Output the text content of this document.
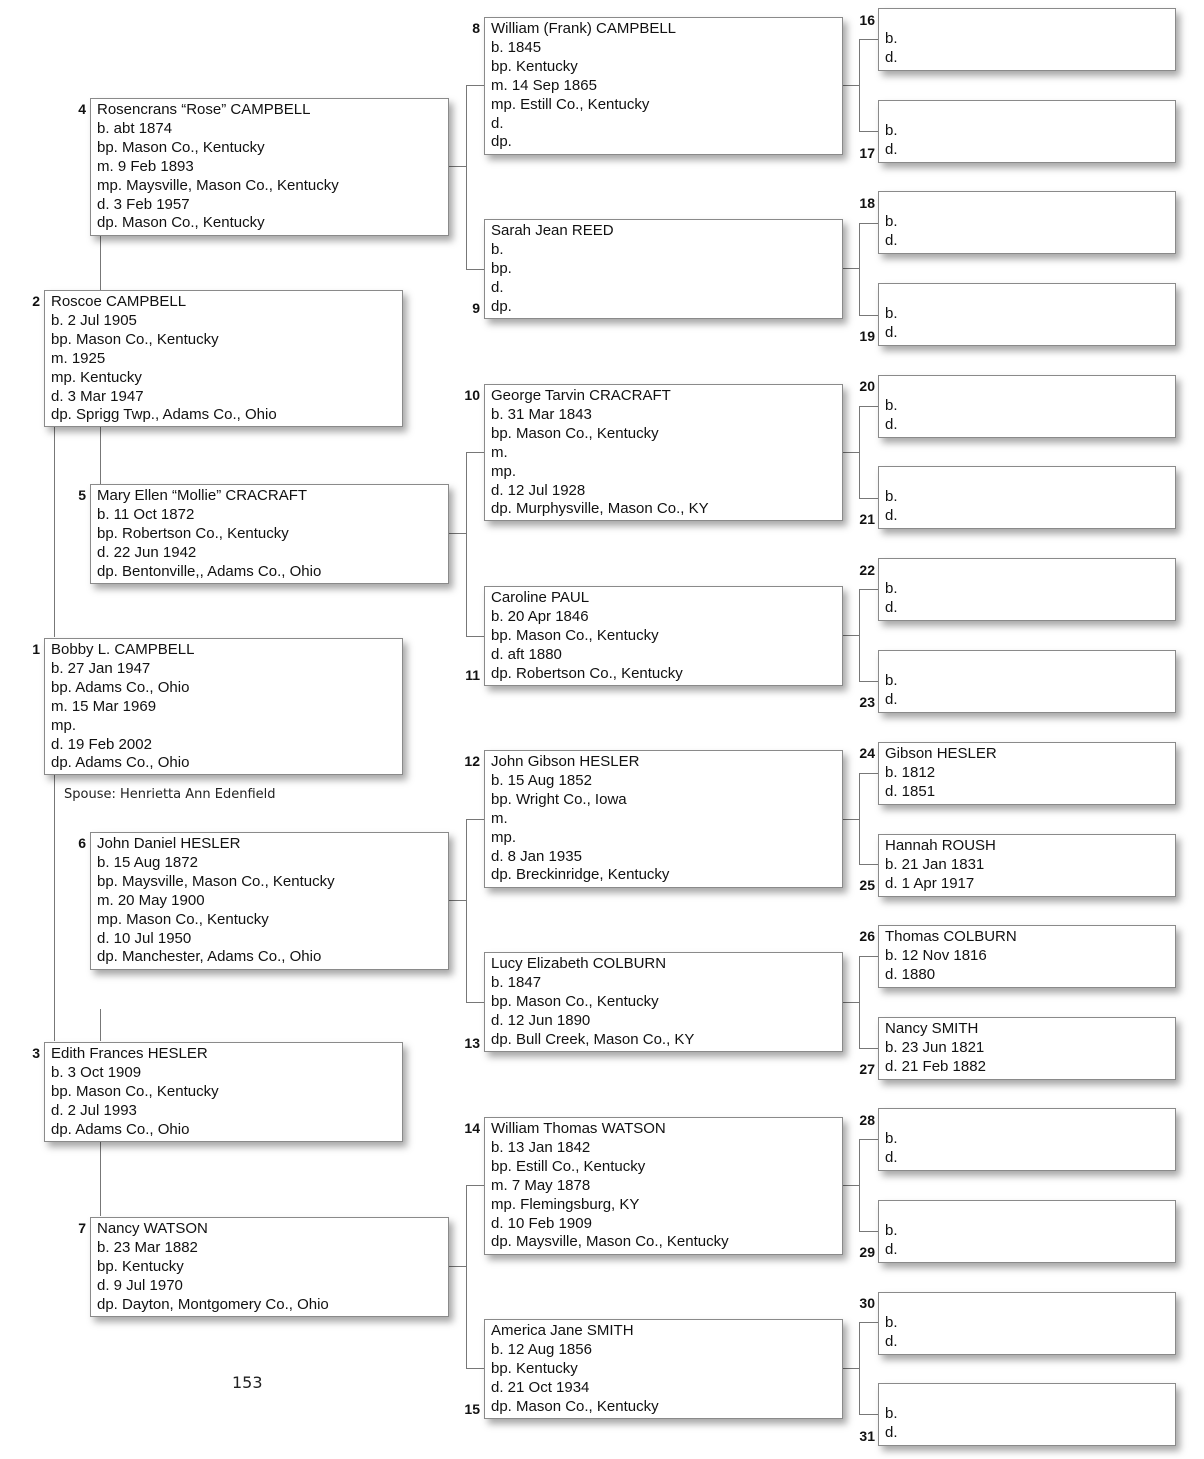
1 Bobby L. CAMPBELL
b. 27 Jan 1947
bp. Adams Co., Ohio
m. 15 Mar 1969
mp.
d. 19 Feb 2002
dp. Adams Co., Ohio
Spouse: Henrietta Ann Edenfield
2 Roscoe CAMPBELL
b. 2 Jul 1905
bp. Mason Co., Kentucky
m. 1925
mp. Kentucky
d. 3 Mar 1947
dp. Sprigg Twp., Adams Co., Ohio
3 Edith Frances HESLER
b. 3 Oct 1909
bp. Mason Co., Kentucky
d. 2 Jul 1993
dp. Adams Co., Ohio
4 Rosencrans “Rose” CAMPBELL
b. abt 1874
bp. Mason Co., Kentucky
m. 9 Feb 1893
mp. Maysville, Mason Co., Kentucky
d. 3 Feb 1957
dp. Mason Co., Kentucky
5 Mary Ellen “Mollie” CRACRAFT
b. 11 Oct 1872
bp. Robertson Co., Kentucky
d. 22 Jun 1942
dp. Bentonville,, Adams Co., Ohio
6 John Daniel HESLER
b. 15 Aug 1872
bp. Maysville, Mason Co., Kentucky
m. 20 May 1900
mp. Mason Co., Kentucky
d. 10 Jul 1950
dp. Manchester, Adams Co., Ohio
7 Nancy WATSON
b. 23 Mar 1882
bp. Kentucky
d. 9 Jul 1970
dp. Dayton, Montgomery Co., Ohio
8 William (Frank) CAMPBELL
b. 1845
bp. Kentucky
m. 14 Sep 1865
mp. Estill Co., Kentucky
d.
dp.
9
Sarah Jean REED
b.
bp.
d.
dp.
10 George Tarvin CRACRAFT
b. 31 Mar 1843
bp. Mason Co., Kentucky
m.
mp.
d. 12 Jul 1928
dp. Murphysville, Mason Co., KY
11
Caroline PAUL
b. 20 Apr 1846
bp. Mason Co., Kentucky
d. aft 1880
dp. Robertson Co., Kentucky
12 John Gibson HESLER
b. 15 Aug 1852
bp. Wright Co., Iowa
m.
mp.
d. 8 Jan 1935
dp. Breckinridge, Kentucky
13
Lucy Elizabeth COLBURN
b. 1847
bp. Mason Co., Kentucky
d. 12 Jun 1890
dp. Bull Creek, Mason Co., KY
14 William Thomas WATSON
b. 13 Jan 1842
bp. Estill Co., Kentucky
m. 7 May 1878
mp. Flemingsburg, KY
d. 10 Feb 1909
dp. Maysville, Mason Co., Kentucky
15
America Jane SMITH
b. 12 Aug 1856
bp. Kentucky
d. 21 Oct 1934
dp. Mason Co., Kentucky
16

b.
d.
17

b.
d.
18

b.
d.
19

b.
d.
20

b.
d.
21

b.
d.
22

b.
d.
23

b.
d.
24 Gibson HESLER
b. 1812
d. 1851
25
Hannah ROUSH
b. 21 Jan 1831
d. 1 Apr 1917
26 Thomas COLBURN
b. 12 Nov 1816
d. 1880
27
Nancy SMITH
b. 23 Jun 1821
d. 21 Feb 1882
28

b.
d.
29

b.
d.
30

b.
d.
31

b.
d.
153
